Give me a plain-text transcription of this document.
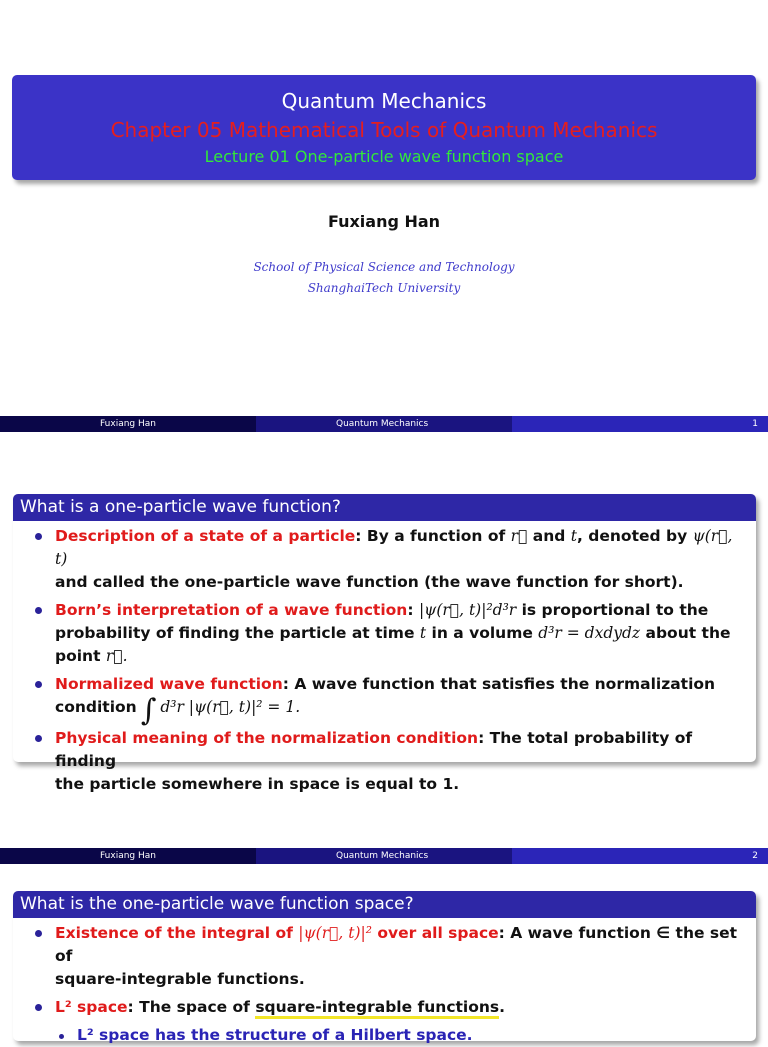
Quantum Mechanics
Chapter 05 Mathematical Tools of Quantum Mechanics
Lecture 01 One-particle wave function space
Fuxiang Han
School of Physical Science and Technology
ShanghaiTech University
Fuxiang Han	Quantum Mechanics	1
What is a one-particle wave function?
Description of a state of a particle: By a function of r⃗ and t, denoted by ψ(r⃗, t)
and called the one-particle wave function (the wave function for short).
Born’s interpretation of a wave function: |ψ(r⃗, t)|²d³r is proportional to the
probability of finding the particle at time t in a volume d³r = dxdydz about the
point r⃗.
Normalized wave function: A wave function that satisfies the normalization
condition ∫ d³r |ψ(r⃗, t)|² = 1.
Physical meaning of the normalization condition: The total probability of finding
the particle somewhere in space is equal to 1.
Fuxiang Han	Quantum Mechanics	2
What is the one-particle wave function space?
Existence of the integral of |ψ(r⃗, t)|² over all space: A wave function ∈ the set of
square-integrable functions.
L² space: The space of square-integrable functions.
L² space has the structure of a Hilbert space.
